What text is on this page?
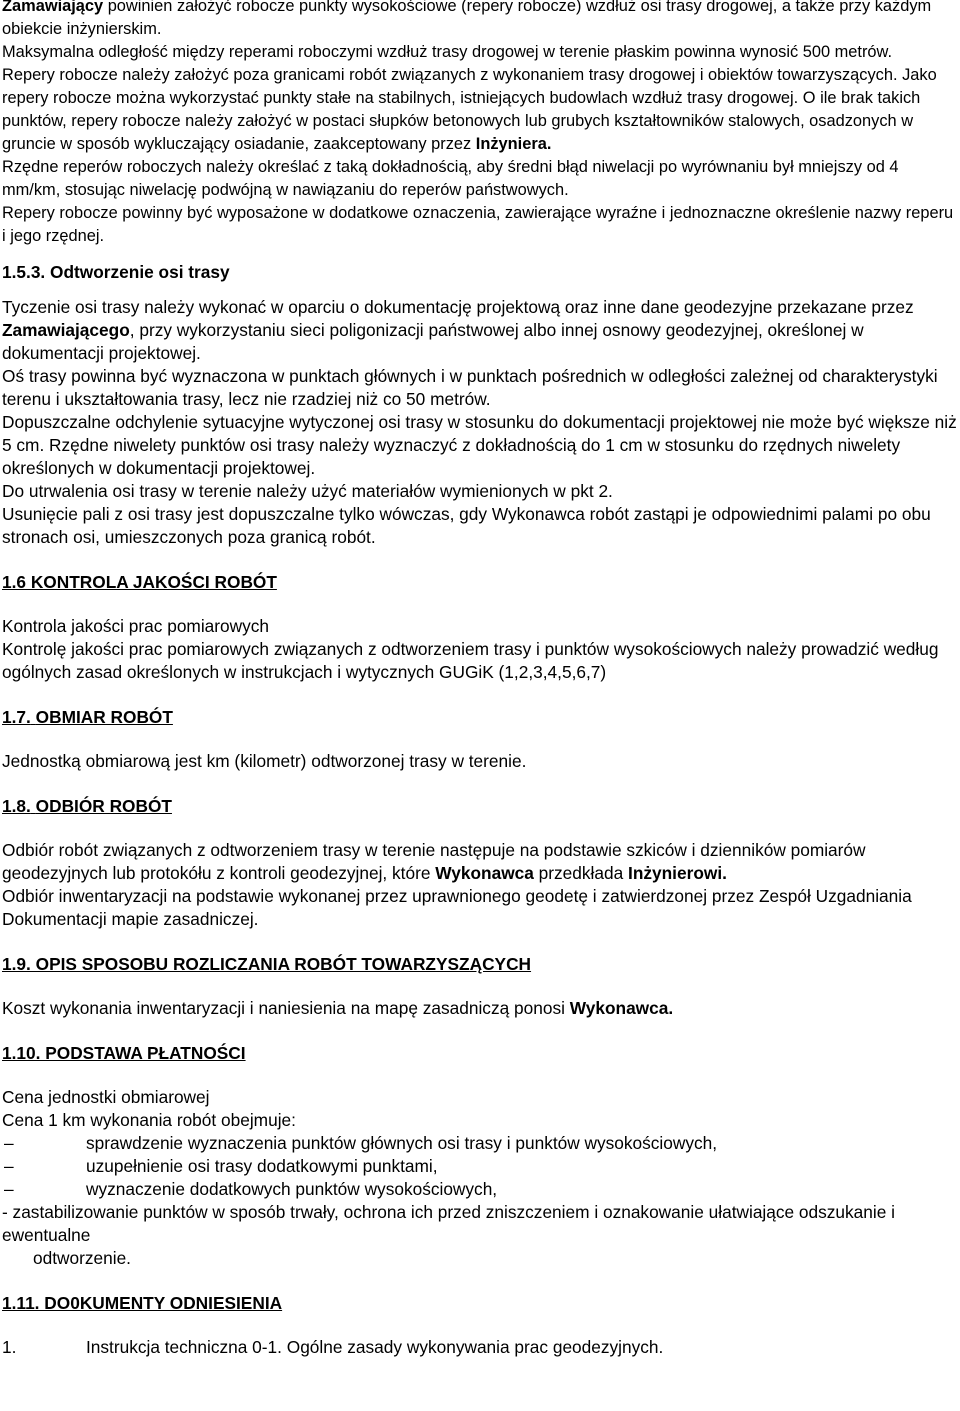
Zamawiający powinien założyć robocze punkty wysokościowe (repery robocze) wzdłuż osi trasy drogowej, a także przy każdym obiekcie inżynierskim.
Maksymalna odległość między reperami roboczymi wzdłuż trasy drogowej w terenie płaskim powinna wynosić 500 metrów.
Repery robocze należy założyć poza granicami robót związanych z wykonaniem trasy drogowej i obiektów towarzyszących. Jako repery robocze można wykorzystać punkty stałe na stabilnych, istniejących budowlach wzdłuż trasy drogowej. O ile brak takich punktów, repery robocze należy założyć w postaci słupków betonowych lub grubych kształtowników stalowych, osadzonych w gruncie w sposób wykluczający osiadanie, zaakceptowany przez Inżyniera.
Rzędne reperów roboczych należy określać z taką dokładnością, aby średni błąd niwelacji po wyrównaniu był mniejszy od 4 mm/km, stosując niwelację podwójną w nawiązaniu do reperów państwowych.
Repery robocze powinny być wyposażone w dodatkowe oznaczenia, zawierające wyraźne i jednoznaczne określenie nazwy reperu i jego rzędnej.
1.5.3. Odtworzenie osi trasy
Tyczenie osi trasy należy wykonać w oparciu o dokumentację projektową oraz inne dane geodezyjne przekazane przez Zamawiającego, przy wykorzystaniu sieci poligonizacji państwowej albo innej osnowy geodezyjnej, określonej w dokumentacji projektowej.
Oś trasy powinna być wyznaczona w punktach głównych i w punktach pośrednich w odległości zależnej od charakterystyki terenu i ukształtowania trasy, lecz nie rzadziej niż co 50 metrów.
Dopuszczalne odchylenie sytuacyjne wytyczonej osi trasy w stosunku do dokumentacji projektowej nie może być większe niż 5 cm. Rzędne niwelety punktów osi trasy należy wyznaczyć z dokładnością do 1 cm w stosunku do rzędnych niwelety określonych w dokumentacji projektowej.
Do utrwalenia osi trasy w terenie należy użyć materiałów wymienionych w pkt 2.
Usunięcie pali z osi trasy jest dopuszczalne tylko wówczas, gdy Wykonawca robót zastąpi je odpowiednimi palami po obu stronach osi, umieszczonych poza granicą robót.
1.6 KONTROLA JAKOŚCI ROBÓT
Kontrola jakości prac pomiarowych
Kontrolę jakości prac pomiarowych związanych z odtworzeniem trasy i punktów wysokościowych należy prowadzić według ogólnych zasad określonych w instrukcjach i wytycznych GUGiK (1,2,3,4,5,6,7)
1.7. OBMIAR ROBÓT
Jednostką obmiarową jest km (kilometr) odtworzonej trasy w terenie.
1.8. ODBIÓR ROBÓT
Odbiór robót związanych z odtworzeniem trasy w terenie następuje na podstawie szkiców i dzienników pomiarów geodezyjnych lub protokółu z kontroli geodezyjnej, które Wykonawca przedkłada Inżynierowi.
Odbiór inwentaryzacji na podstawie wykonanej przez uprawnionego geodetę i zatwierdzonej przez Zespół Uzgadniania Dokumentacji mapie zasadniczej.
1.9. OPIS SPOSOBU ROZLICZANIA ROBÓT TOWARZYSZĄCYCH
Koszt wykonania inwentaryzacji i naniesienia na mapę zasadniczą ponosi Wykonawca.
1.10. PODSTAWA PŁATNOŚCI
Cena jednostki obmiarowej
Cena 1 km wykonania robót obejmuje:
–	sprawdzenie wyznaczenia punktów głównych osi trasy i punktów wysokościowych,
–	uzupełnienie osi trasy dodatkowymi punktami,
–	wyznaczenie dodatkowych punktów wysokościowych,
- zastabilizowanie punktów w sposób trwały, ochrona ich przed zniszczeniem i oznakowanie ułatwiające odszukanie i ewentualne
odtworzenie.
1.11. DO0KUMENTY ODNIESIENIA
1.	Instrukcja techniczna 0-1. Ogólne zasady wykonywania prac geodezyjnych.
